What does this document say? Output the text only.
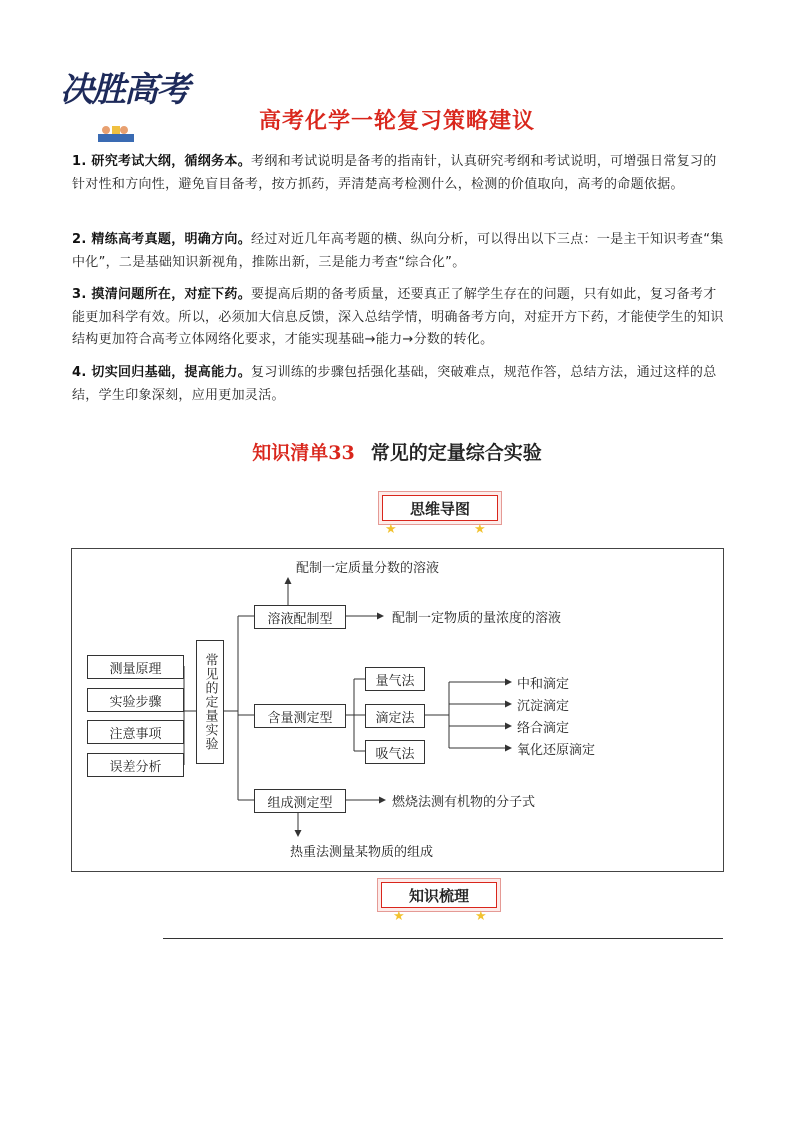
决胜高考
高考化学一轮复习策略建议
1. 研究考试大纲，循纲务本。考纲和考试说明是备考的指南针，认真研究考纲和考试说明，可增强日常复习的针对性和方向性，避免盲目备考，按方抓药，弄清楚高考检测什么，检测的价值取向，高考的命题依据。
2. 精练高考真题，明确方向。经过对近几年高考题的横、纵向分析，可以得出以下三点：一是主干知识考查“集中化”，二是基础知识新视角，推陈出新，三是能力考查“综合化”。
3. 摸清问题所在，对症下药。要提高后期的备考质量，还要真正了解学生存在的问题，只有如此，复习备考才能更加科学有效。所以，必须加大信息反馈，深入总结学情，明确备考方向，对症开方下药，才能使学生的知识结构更加符合高考立体网络化要求，才能实现基础→能力→分数的转化。
4. 切实回归基础，提高能力。复习训练的步骤包括强化基础，突破难点，规范作答，总结方法，通过这样的总结，学生印象深刻，应用更加灵活。
知识清单33 常见的定量综合实验
思维导图
★	★
测量原理
实验步骤
注意事项
误差分析
常见的定量实验
溶液配制型
含量测定型
组成测定型
量气法
滴定法
吸气法
配制一定质量分数的溶液
配制一定物质的量浓度的溶液
中和滴定
沉淀滴定
络合滴定
氧化还原滴定
燃烧法测有机物的分子式
热重法测量某物质的组成
知识梳理
★	★
